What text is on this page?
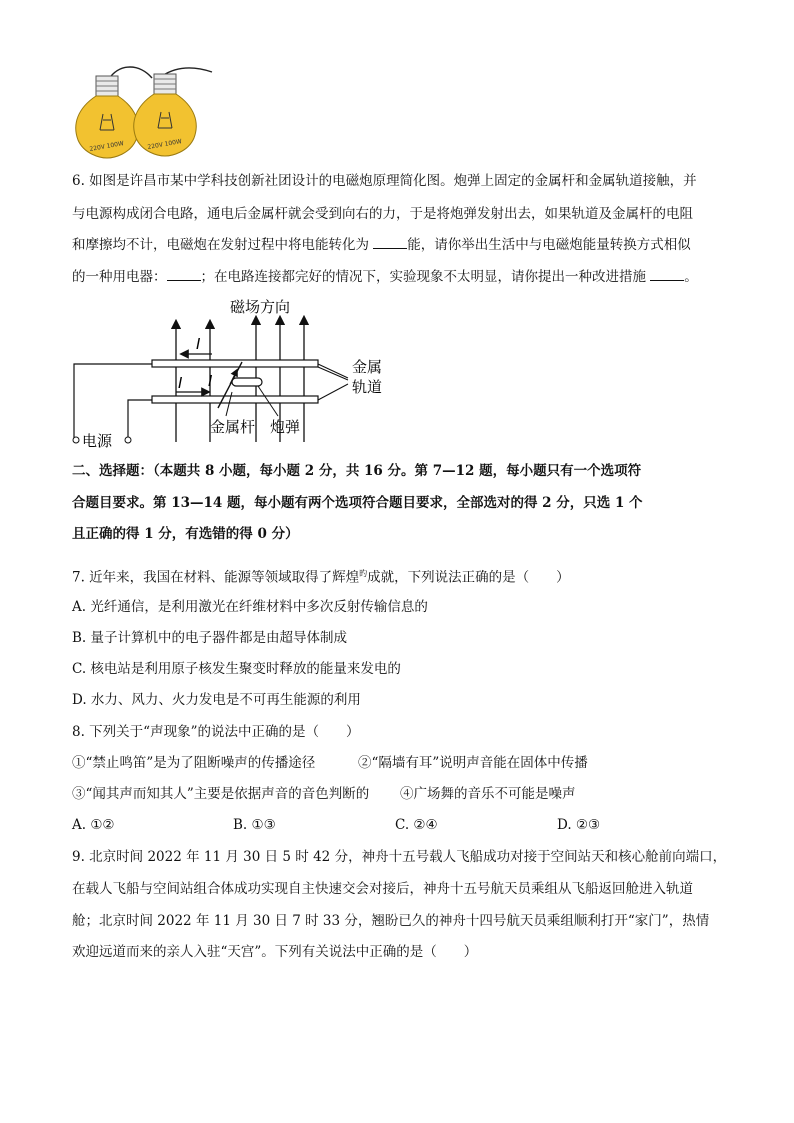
220V 100W	220V 100W
6. 如图是许昌市某中学科技创新社团设计的电磁炮原理简化图。炮弹上固定的金属杆和金属轨道接触，并
与电源构成闭合电路，通电后金属杆就会受到向右的力，于是将炮弹发射出去，如果轨道及金属杆的电阻
和摩擦均不计，电磁炮在发射过程中将电能转化为	能，请你举出生活中与电磁炮能量转换方式相似
的一种用电器：	；在电路连接都完好的情况下，实验现象不太明显，请你提出一种改进措施	。
磁场方向
金属
轨道
电源
I
I I
金属杆 炮弹
二、选择题：（本题共 8 小题，每小题 2 分，共 16 分。第 7—12 题，每小题只有一个选项符
合题目要求。第 13—14 题，每小题有两个选项符合题目要求，全部选对的得 2 分，只选 1 个
且正确的得 1 分，有选错的得 0 分）
7. 近年来，我国在材料、能源等领域取得了辉煌$^旳$成就，下列说法正确的是（　　）
A. 光纤通信，是利用激光在纤维材料中多次反射传输信息的
B. 量子计算机中的电子器件都是由超导体制成
C. 核电站是利用原子核发生聚变时释放的能量来发电的
D. 水力、风力、火力发电是不可再生能源的利用
8. 下列关于“声现象”的说法中正确的是（　　）
①“禁止鸣笛”是为了阻断噪声的传播途径	②“隔墙有耳”说明声音能在固体中传播
③“闻其声而知其人”主要是依据声音的音色判断的 ④广场舞的音乐不可能是噪声
A. ①②	B. ①③	C. ②④	D. ②③
9. 北京时间 2022 年 11 月 30 日 5 时 42 分，神舟十五号载人飞船成功对接于空间站天和核心舱前向端口，
在载人飞船与空间站组合体成功实现自主快速交会对接后，神舟十五号航天员乘组从飞船返回舱进入轨道
舱；北京时间 2022 年 11 月 30 日 7 时 33 分，翘盼已久的神舟十四号航天员乘组顺利打开“家门”，热情
欢迎远道而来的亲人入驻“天宫”。下列有关说法中正确的是（　　）
